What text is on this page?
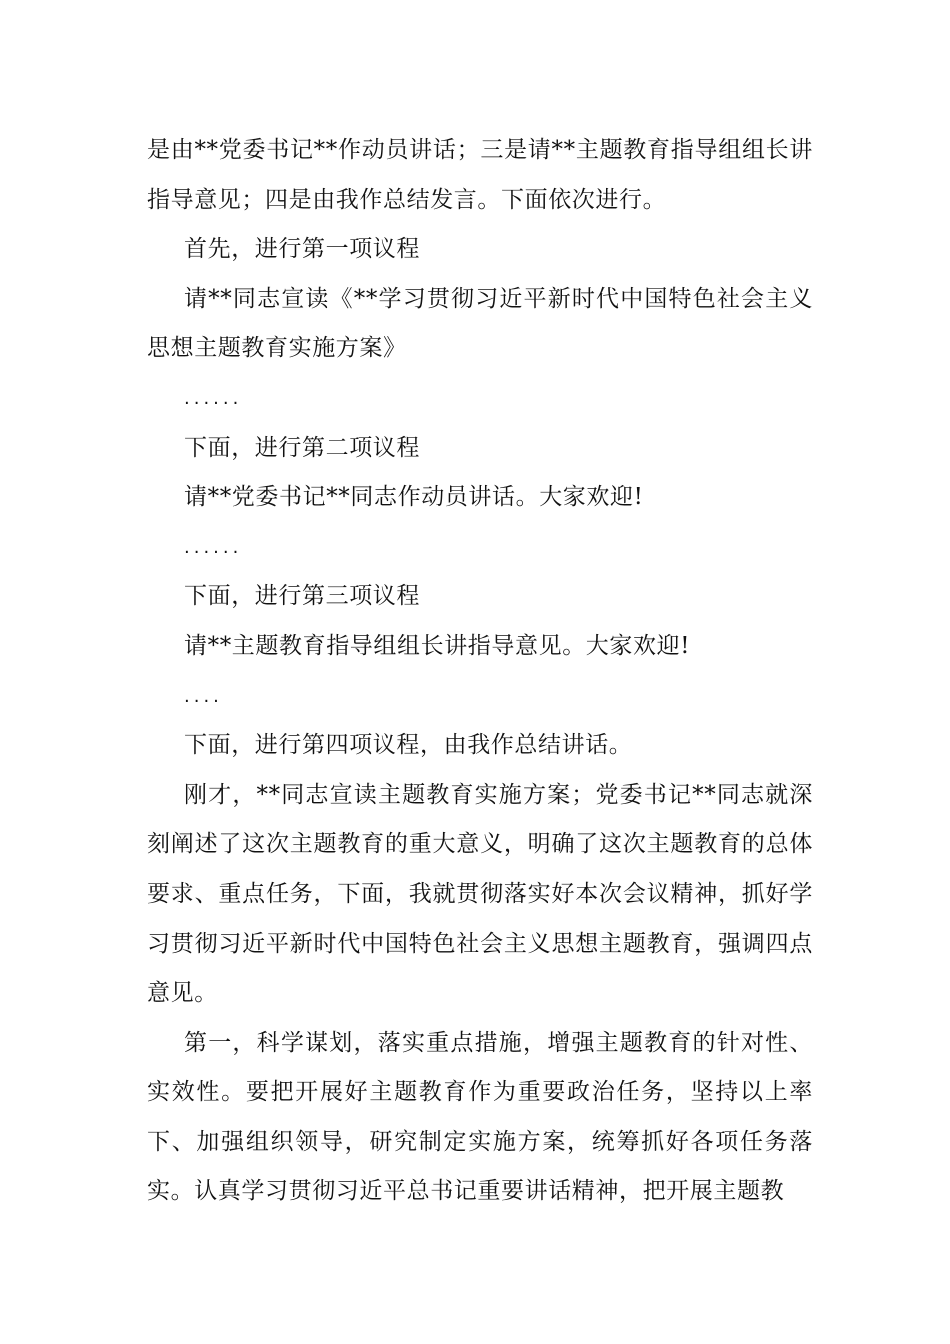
是由**党委书记**作动员讲话；三是请**主题教育指导组组长讲指导意见；四是由我作总结发言。下面依次进行。

首先，进行第一项议程

请**同志宣读《**学习贯彻习近平新时代中国特色社会主义思想主题教育实施方案》

......

下面，进行第二项议程

请**党委书记**同志作动员讲话。大家欢迎!

......

下面，进行第三项议程

请**主题教育指导组组长讲指导意见。大家欢迎!

....

下面，进行第四项议程，由我作总结讲话。

刚才，**同志宣读主题教育实施方案；党委书记**同志就深刻阐述了这次主题教育的重大意义，明确了这次主题教育的总体要求、重点任务，下面，我就贯彻落实好本次会议精神，抓好学习贯彻习近平新时代中国特色社会主义思想主题教育，强调四点意见。

第一，科学谋划，落实重点措施，增强主题教育的针对性、实效性。要把开展好主题教育作为重要政治任务，坚持以上率下、加强组织领导，研究制定实施方案，统筹抓好各项任务落实。认真学习贯彻习近平总书记重要讲话精神，把开展主题教
